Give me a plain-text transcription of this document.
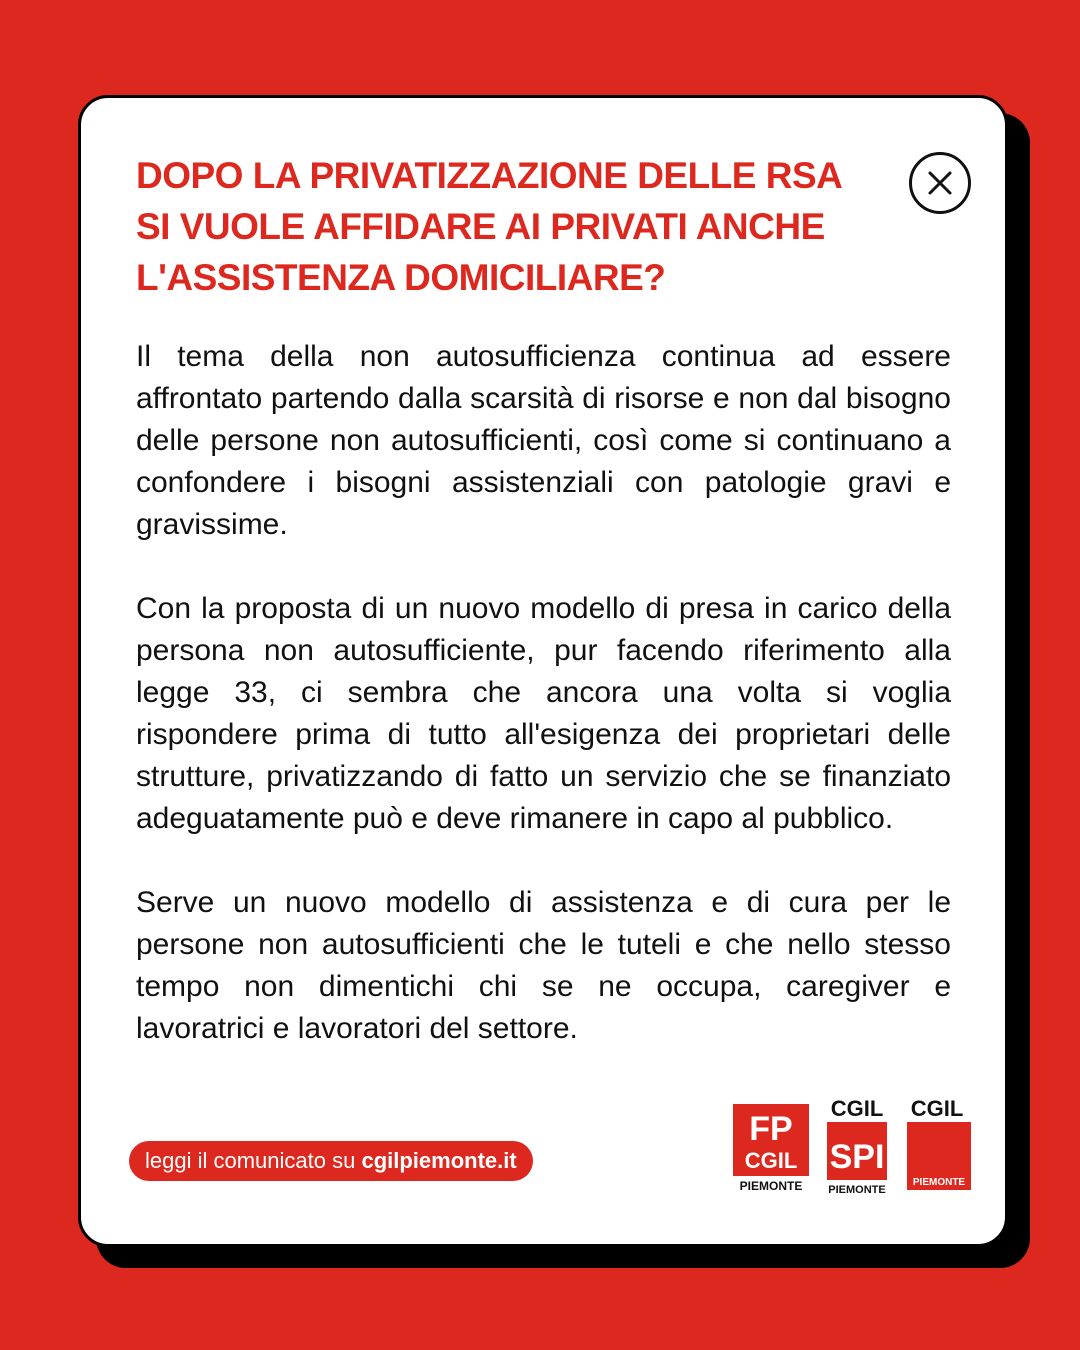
DOPO LA PRIVATIZZAZIONE DELLE RSA SI VUOLE AFFIDARE AI PRIVATI ANCHE L'ASSISTENZA DOMICILIARE?

Il tema della non autosufficienza continua ad essere affrontato partendo dalla scarsità di risorse e non dal bisogno delle persone non autosufficienti, così come si continuano a confondere i bisogni assistenziali con patologie gravi e gravissime.

Con la proposta di un nuovo modello di presa in carico della persona non autosufficiente, pur facendo riferimento alla legge 33, ci sembra che ancora una volta si voglia rispondere prima di tutto all'esigenza dei proprietari delle strutture, privatizzando di fatto un servizio che se finanziato adeguatamente può e deve rimanere in capo al pubblico.

Serve un nuovo modello di assistenza e di cura per le persone non autosufficienti che le tuteli e che nello stesso tempo non dimentichi chi se ne occupa, caregiver e lavoratrici e lavoratori del settore.

leggi il comunicato su cgilpiemonte.it
FP
CGIL
PIEMONTE
CGIL
SPI
PIEMONTE
CGIL
PIEMONTE
